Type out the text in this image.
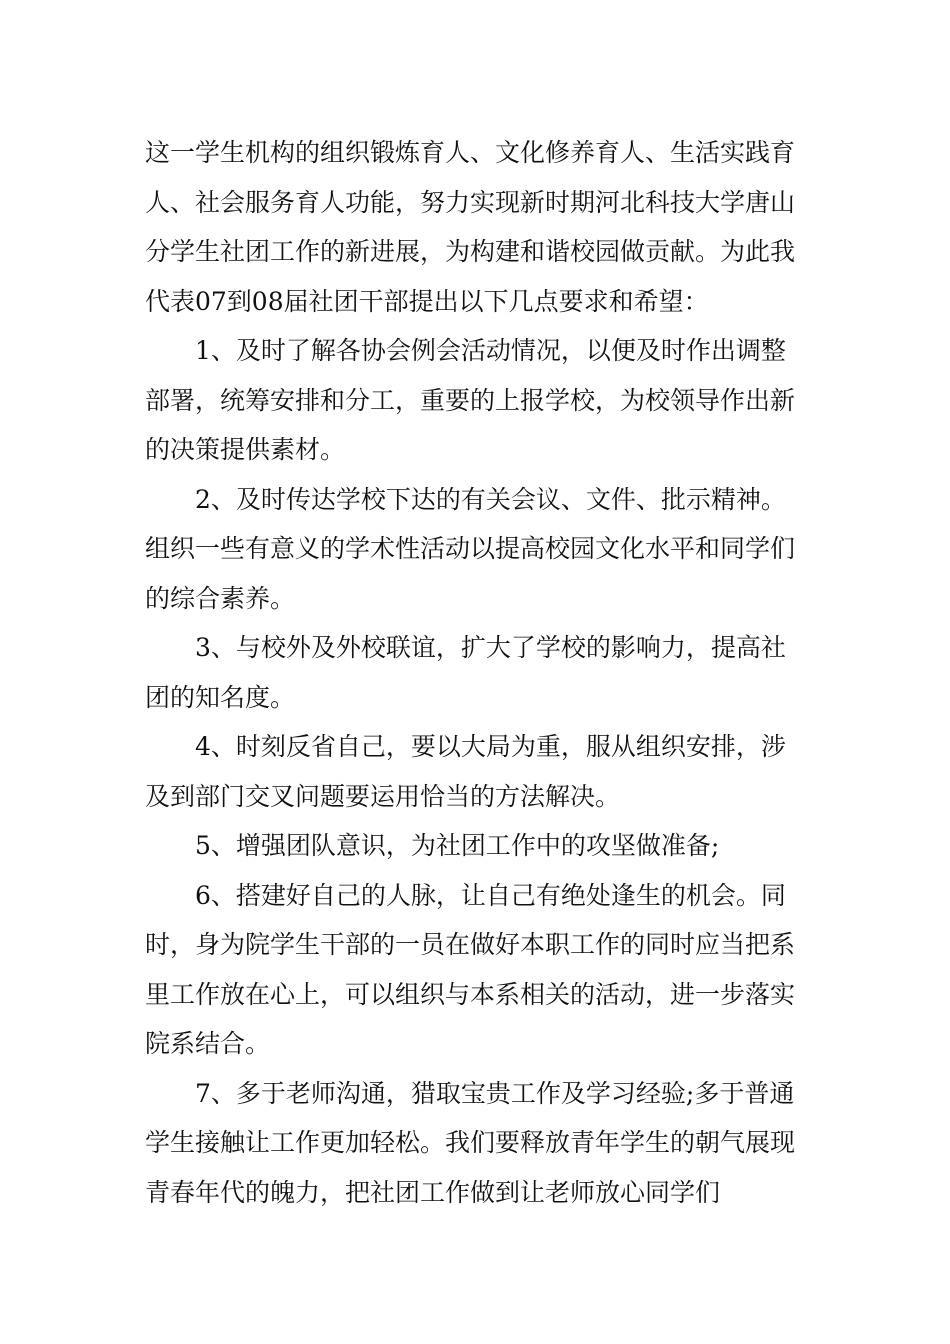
这一学生机构的组织锻炼育人、文化修养育人、生活实践育人、社会服务育人功能，努力实现新时期河北科技大学唐山分学生社团工作的新进展，为构建和谐校园做贡献。为此我代表07到08届社团干部提出以下几点要求和希望：

1、及时了解各协会例会活动情况，以便及时作出调整部署，统筹安排和分工，重要的上报学校，为校领导作出新的决策提供素材。

2、及时传达学校下达的有关会议、文件、批示精神。组织一些有意义的学术性活动以提高校园文化水平和同学们的综合素养。

3、与校外及外校联谊，扩大了学校的影响力，提高社团的知名度。

4、时刻反省自己，要以大局为重，服从组织安排，涉及到部门交叉问题要运用恰当的方法解决。

5、增强团队意识，为社团工作中的攻坚做准备;

6、搭建好自己的人脉，让自己有绝处逢生的机会。同时，身为院学生干部的一员在做好本职工作的同时应当把系里工作放在心上，可以组织与本系相关的活动，进一步落实院系结合。

7、多于老师沟通，猎取宝贵工作及学习经验;多于普通学生接触让工作更加轻松。我们要释放青年学生的朝气展现青春年代的魄力，把社团工作做到让老师放心同学们
